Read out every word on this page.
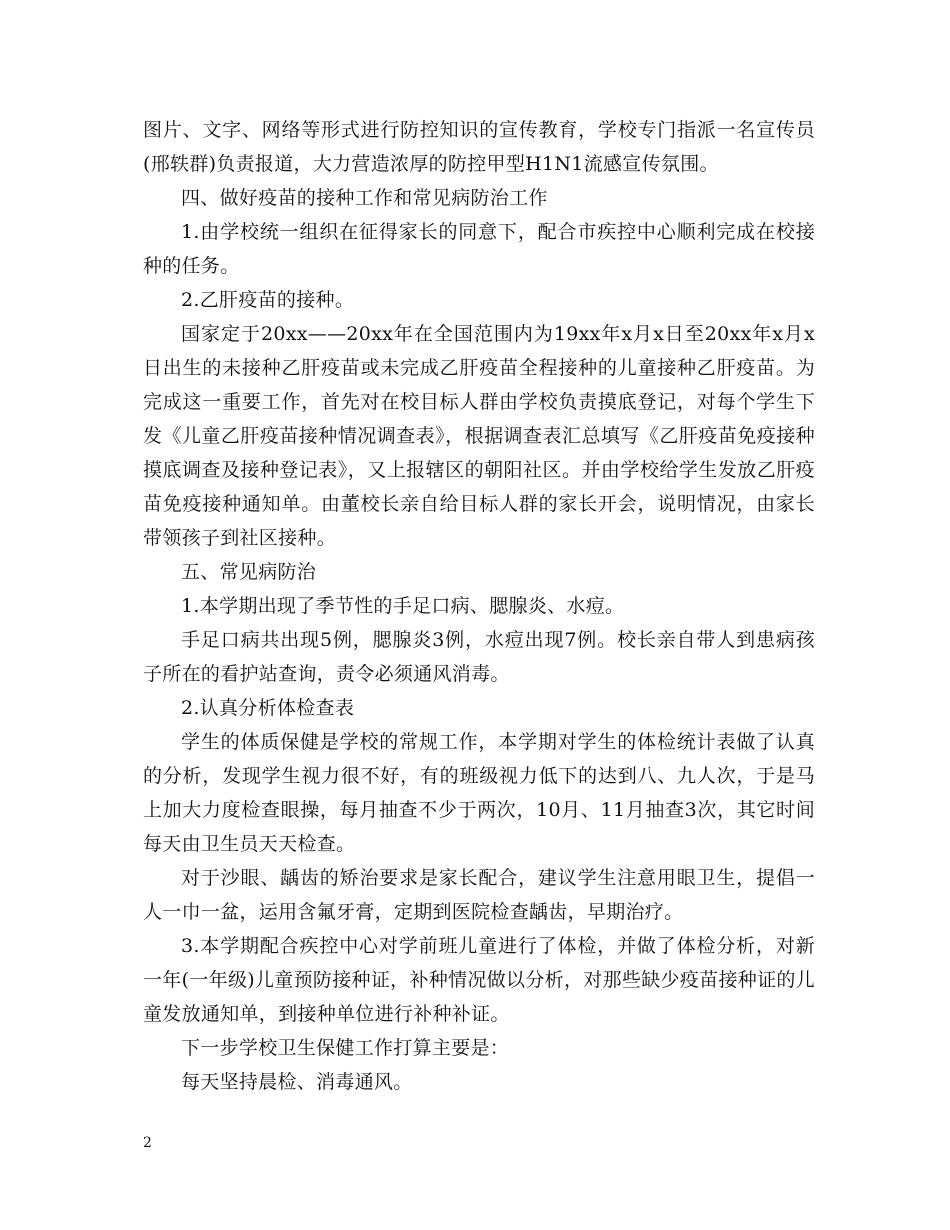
图片、文字、网络等形式进行防控知识的宣传教育，学校专门指派一名宣传员(邢轶群)负责报道，大力营造浓厚的防控甲型H1N1流感宣传氛围。

四、做好疫苗的接种工作和常见病防治工作

1.由学校统一组织在征得家长的同意下，配合市疾控中心顺利完成在校接种的任务。

2.乙肝疫苗的接种。

国家定于20xx——20xx年在全国范围内为19xx年x月x日至20xx年x月x日出生的未接种乙肝疫苗或未完成乙肝疫苗全程接种的儿童接种乙肝疫苗。为完成这一重要工作，首先对在校目标人群由学校负责摸底登记，对每个学生下发《儿童乙肝疫苗接种情况调查表》，根据调查表汇总填写《乙肝疫苗免疫接种摸底调查及接种登记表》，又上报辖区的朝阳社区。并由学校给学生发放乙肝疫苗免疫接种通知单。由董校长亲自给目标人群的家长开会，说明情况，由家长带领孩子到社区接种。

五、常见病防治

1.本学期出现了季节性的手足口病、腮腺炎、水痘。

手足口病共出现5例，腮腺炎3例，水痘出现7例。校长亲自带人到患病孩子所在的看护站查询，责令必须通风消毒。

2.认真分析体检查表

学生的体质保健是学校的常规工作，本学期对学生的体检统计表做了认真的分析，发现学生视力很不好，有的班级视力低下的达到八、九人次，于是马上加大力度检查眼操，每月抽查不少于两次，10月、11月抽查3次，其它时间每天由卫生员天天检查。

对于沙眼、龋齿的矫治要求是家长配合，建议学生注意用眼卫生，提倡一人一巾一盆，运用含氟牙膏，定期到医院检查龋齿，早期治疗。

3.本学期配合疾控中心对学前班儿童进行了体检，并做了体检分析，对新一年(一年级)儿童预防接种证，补种情况做以分析，对那些缺少疫苗接种证的儿童发放通知单，到接种单位进行补种补证。

下一步学校卫生保健工作打算主要是：

每天坚持晨检、消毒通风。

2
